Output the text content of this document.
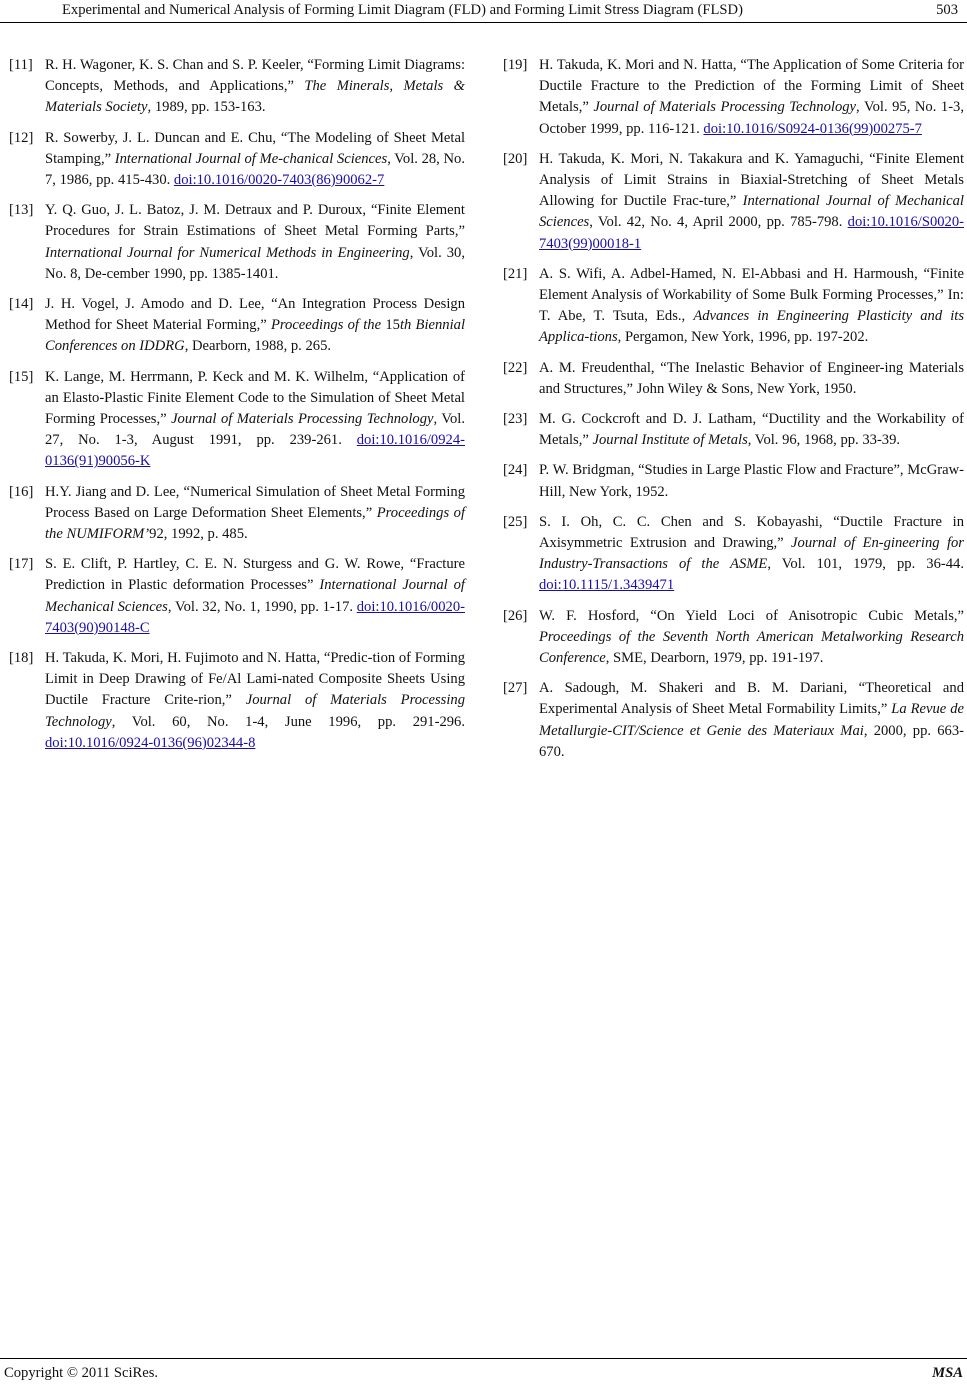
Experimental and Numerical Analysis of Forming Limit Diagram (FLD) and Forming Limit Stress Diagram (FLSD)	503
[11] R. H. Wagoner, K. S. Chan and S. P. Keeler, “Forming Limit Diagrams: Concepts, Methods, and Applications,” The Minerals, Metals & Materials Society, 1989, pp. 153-163.
[12] R. Sowerby, J. L. Duncan and E. Chu, “The Modeling of Sheet Metal Stamping,” International Journal of Me-chanical Sciences, Vol. 28, No. 7, 1986, pp. 415-430. doi:10.1016/0020-7403(86)90062-7
[13] Y. Q. Guo, J. L. Batoz, J. M. Detraux and P. Duroux, “Finite Element Procedures for Strain Estimations of Sheet Metal Forming Parts,” International Journal for Numerical Methods in Engineering, Vol. 30, No. 8, De-cember 1990, pp. 1385-1401.
[14] J. H. Vogel, J. Amodo and D. Lee, “An Integration Process Design Method for Sheet Material Forming,” Proceedings of the 15th Biennial Conferences on IDDRG, Dearborn, 1988, p. 265.
[15] K. Lange, M. Herrmann, P. Keck and M. K. Wilhelm, “Application of an Elasto-Plastic Finite Element Code to the Simulation of Sheet Metal Forming Processes,” Journal of Materials Processing Technology, Vol. 27, No. 1-3, August 1991, pp. 239-261. doi:10.1016/0924-0136(91)90056-K
[16] H.Y. Jiang and D. Lee, “Numerical Simulation of Sheet Metal Forming Process Based on Large Deformation Sheet Elements,” Proceedings of the NUMIFORM’92, 1992, p. 485.
[17] S. E. Clift, P. Hartley, C. E. N. Sturgess and G. W. Rowe, “Fracture Prediction in Plastic deformation Processes” International Journal of Mechanical Sciences, Vol. 32, No. 1, 1990, pp. 1-17. doi:10.1016/0020-7403(90)90148-C
[18] H. Takuda, K. Mori, H. Fujimoto and N. Hatta, “Predic-tion of Forming Limit in Deep Drawing of Fe/Al Lami-nated Composite Sheets Using Ductile Fracture Crite-rion,” Journal of Materials Processing Technology, Vol. 60, No. 1-4, June 1996, pp. 291-296. doi:10.1016/0924-0136(96)02344-8
[19] H. Takuda, K. Mori and N. Hatta, “The Application of Some Criteria for Ductile Fracture to the Prediction of the Forming Limit of Sheet Metals,” Journal of Materials Processing Technology, Vol. 95, No. 1-3, October 1999, pp. 116-121. doi:10.1016/S0924-0136(99)00275-7
[20] H. Takuda, K. Mori, N. Takakura and K. Yamaguchi, “Finite Element Analysis of Limit Strains in Biaxial-Stretching of Sheet Metals Allowing for Ductile Frac-ture,” International Journal of Mechanical Sciences, Vol. 42, No. 4, April 2000, pp. 785-798. doi:10.1016/S0020-7403(99)00018-1
[21] A. S. Wifi, A. Adbel-Hamed, N. El-Abbasi and H. Harmoush, “Finite Element Analysis of Workability of Some Bulk Forming Processes,” In: T. Abe, T. Tsuta, Eds., Advances in Engineering Plasticity and its Applica-tions, Pergamon, New York, 1996, pp. 197-202.
[22] A. M. Freudenthal, “The Inelastic Behavior of Engineer-ing Materials and Structures,” John Wiley & Sons, New York, 1950.
[23] M. G. Cockcroft and D. J. Latham, “Ductility and the Workability of Metals,” Journal Institute of Metals, Vol. 96, 1968, pp. 33-39.
[24] P. W. Bridgman, “Studies in Large Plastic Flow and Fracture”, McGraw-Hill, New York, 1952.
[25] S. I. Oh, C. C. Chen and S. Kobayashi, “Ductile Fracture in Axisymmetric Extrusion and Drawing,” Journal of En-gineering for Industry-Transactions of the ASME, Vol. 101, 1979, pp. 36-44. doi:10.1115/1.3439471
[26] W. F. Hosford, “On Yield Loci of Anisotropic Cubic Metals,” Proceedings of the Seventh North American Metalworking Research Conference, SME, Dearborn, 1979, pp. 191-197.
[27] A. Sadough, M. Shakeri and B. M. Dariani, “Theoretical and Experimental Analysis of Sheet Metal Formability Limits,” La Revue de Metallurgie-CIT/Science et Genie des Materiaux Mai, 2000, pp. 663-670.
Copyright © 2011 SciRes.	MSA
